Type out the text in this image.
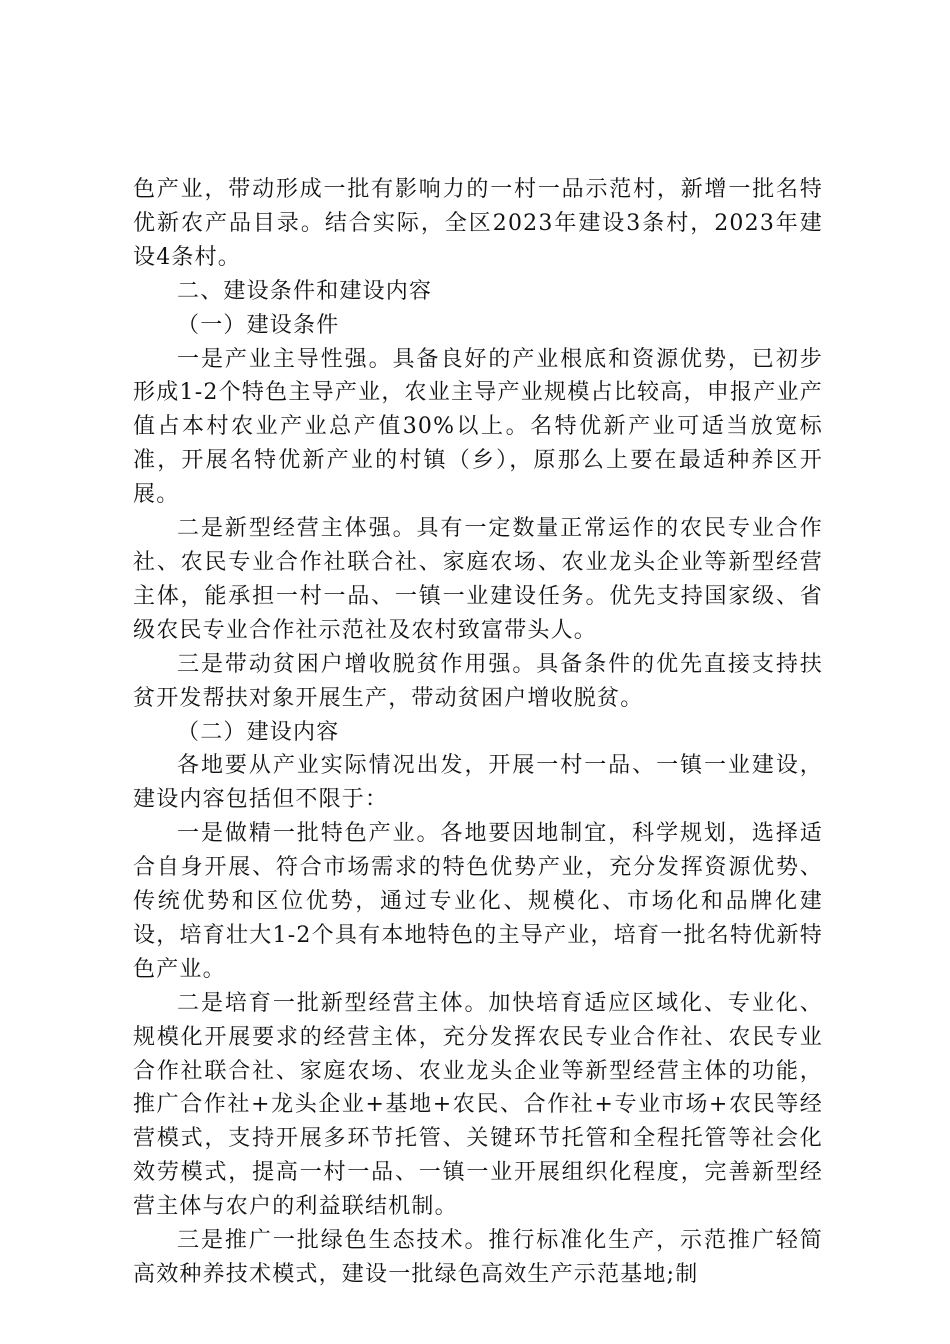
色产业，带动形成一批有影响力的一村一品示范村，新增一批名特优新农产品目录。结合实际，全区2023年建设3条村，2023年建设4条村。

二、建设条件和建设内容

（一）建设条件

一是产业主导性强。具备良好的产业根底和资源优势，已初步形成1-2个特色主导产业，农业主导产业规模占比较高，申报产业产值占本村农业产业总产值30%以上。名特优新产业可适当放宽标准，开展名特优新产业的村镇（乡），原那么上要在最适种养区开展。

二是新型经营主体强。具有一定数量正常运作的农民专业合作社、农民专业合作社联合社、家庭农场、农业龙头企业等新型经营主体，能承担一村一品、一镇一业建设任务。优先支持国家级、省级农民专业合作社示范社及农村致富带头人。

三是带动贫困户增收脱贫作用强。具备条件的优先直接支持扶贫开发帮扶对象开展生产，带动贫困户增收脱贫。

（二）建设内容

各地要从产业实际情况出发，开展一村一品、一镇一业建设，建设内容包括但不限于：

一是做精一批特色产业。各地要因地制宜，科学规划，选择适合自身开展、符合市场需求的特色优势产业，充分发挥资源优势、传统优势和区位优势，通过专业化、规模化、市场化和品牌化建设，培育壮大1-2个具有本地特色的主导产业，培育一批名特优新特色产业。

二是培育一批新型经营主体。加快培育适应区域化、专业化、规模化开展要求的经营主体，充分发挥农民专业合作社、农民专业合作社联合社、家庭农场、农业龙头企业等新型经营主体的功能，推广合作社+龙头企业+基地+农民、合作社+专业市场+农民等经营模式，支持开展多环节托管、关键环节托管和全程托管等社会化效劳模式，提高一村一品、一镇一业开展组织化程度，完善新型经营主体与农户的利益联结机制。

三是推广一批绿色生态技术。推行标准化生产，示范推广轻简高效种养技术模式，建设一批绿色高效生产示范基地;制
